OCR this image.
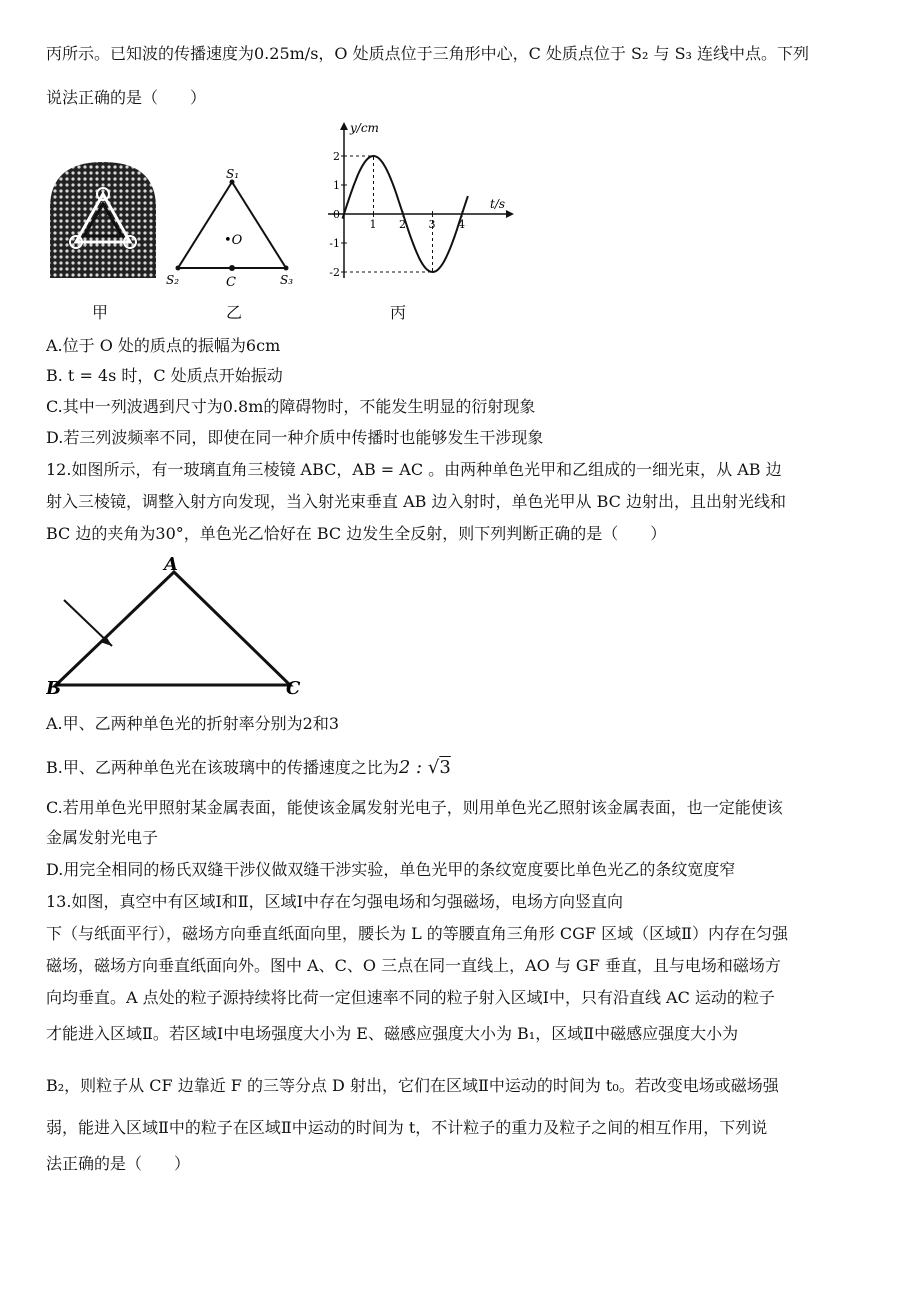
丙所示。已知波的传播速度为0.25m/s，O 处质点位于三角形中心，C 处质点位于 S₂ 与 S₃ 连线中点。下列
说法正确的是（　　）
S₁
S₂	S₃
•O
C
y/cm
t/s
2
1
0
-1
-2
1 2 3 4
甲	乙	丙
A.位于 O 处的质点的振幅为6cm
B. t = 4s 时，C 处质点开始振动
C.其中一列波遇到尺寸为0.8m的障碍物时，不能发生明显的衍射现象
D.若三列波频率不同，即使在同一种介质中传播时也能够发生干涉现象
12.如图所示，有一玻璃直角三棱镜 ABC，AB = AC 。由两种单色光甲和乙组成的一细光束，从 AB 边
射入三棱镜，调整入射方向发现，当入射光束垂直 AB 边入射时，单色光甲从 BC 边射出，且出射光线和
BC 边的夹角为30°，单色光乙恰好在 BC 边发生全反射，则下列判断正确的是（　　）
A
B	C
A.甲、乙两种单色光的折射率分别为2和3
B.甲、乙两种单色光在该玻璃中的传播速度之比为2 : √3
C.若用单色光甲照射某金属表面，能使该金属发射光电子，则用单色光乙照射该金属表面，也一定能使该
金属发射光电子
D.用完全相同的杨氏双缝干涉仪做双缝干涉实验，单色光甲的条纹宽度要比单色光乙的条纹宽度窄
13.如图，真空中有区域Ⅰ和Ⅱ，区域Ⅰ中存在匀强电场和匀强磁场，电场方向竖直向
下（与纸面平行），磁场方向垂直纸面向里，腰长为 L 的等腰直角三角形 CGF 区域（区域Ⅱ）内存在匀强
磁场，磁场方向垂直纸面向外。图中 A、C、O 三点在同一直线上，AO 与 GF 垂直，且与电场和磁场方
向均垂直。A 点处的粒子源持续将比荷一定但速率不同的粒子射入区域Ⅰ中，只有沿直线 AC 运动的粒子
才能进入区域Ⅱ。若区域Ⅰ中电场强度大小为 E、磁感应强度大小为 B₁，区域Ⅱ中磁感应强度大小为
B₂，则粒子从 CF 边靠近 F 的三等分点 D 射出，它们在区域Ⅱ中运动的时间为 t₀。若改变电场或磁场强
弱，能进入区域Ⅱ中的粒子在区域Ⅱ中运动的时间为 t，不计粒子的重力及粒子之间的相互作用，下列说
法正确的是（　　）
